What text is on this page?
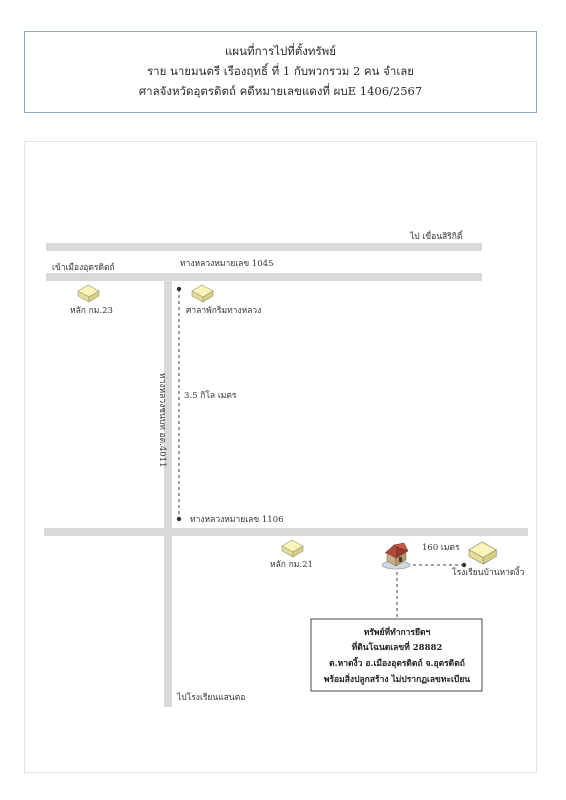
แผนที่การไปที่ตั้งทรัพย์
ราย นายมนตรี เรืองฤทธิ์ ที่ 1 กับพวกรวม 2 คน จำเลย
ศาลจังหวัดอุตรดิตถ์ คดีหมายเลขแดงที่ ผบE 1406/2567
ไป เขื่อนสิริกิติ์
เข้าเมืองอุตรดิตถ์	ทางหลวงหมายเลข 1045
หลัก กม.23	ศาลาพักริมทางหลวง
ทางหลวงชนบท อต.4011 3.5 กิโล เมตร
ทางหลวงหมายเลข 1106
หลัก กม.21
160 เมตร
โรงเรียนบ้านหาดงิ้ว
ไปโรงเรียนแสนตอ
ทรัพย์ที่ทำการยึดฯ
ที่ดินโฉนดเลขที่ 28882
ต.หาดงิ้ว อ.เมืองอุตรดิตถ์ จ.อุตรดิตถ์
พร้อมสิ่งปลูกสร้าง ไม่ปรากฏเลขทะเบียน
